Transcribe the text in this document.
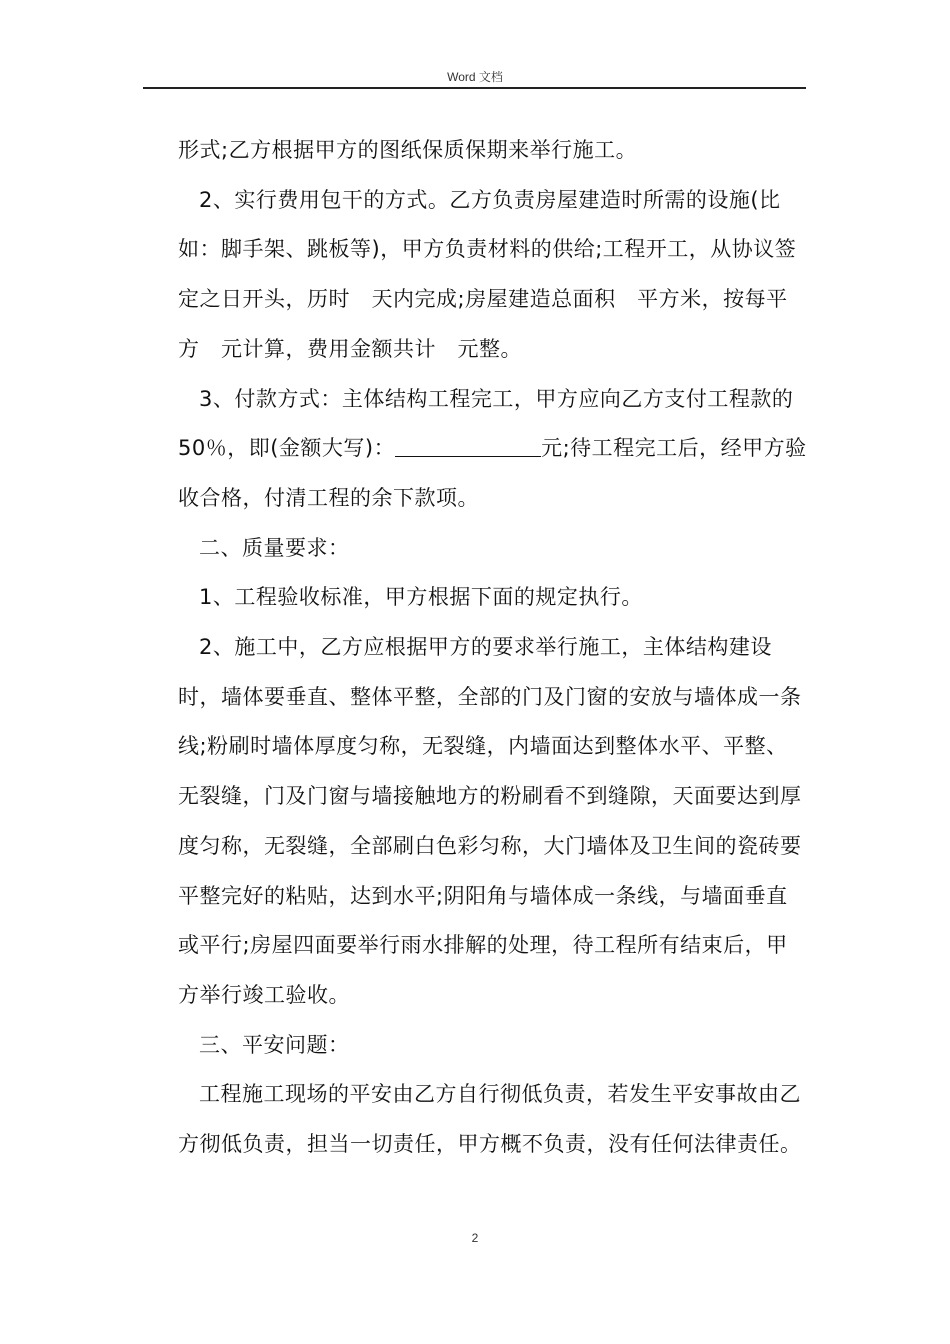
Word 文档

形式;乙方根据甲方的图纸保质保期来举行施工。

2、实行费用包干的方式。乙方负责房屋建造时所需的设施(比如：脚手架、跳板等)，甲方负责材料的供给;工程开工，从协议签定之日开头，历时　天内完成;房屋建造总面积　平方米，按每平方　元计算，费用金额共计　元整。

3、付款方式：主体结构工程完工，甲方应向乙方支付工程款的 50％，即(金额大写)：	元;待工程完工后，经甲方验收合格，付清工程的余下款项。

二、质量要求：

1、工程验收标准，甲方根据下面的规定执行。

2、施工中，乙方应根据甲方的要求举行施工，主体结构建设时，墙体要垂直、整体平整，全部的门及门窗的安放与墙体成一条线;粉刷时墙体厚度匀称，无裂缝，内墙面达到整体水平、平整、无裂缝，门及门窗与墙接触地方的粉刷看不到缝隙，天面要达到厚度匀称，无裂缝，全部刷白色彩匀称，大门墙体及卫生间的瓷砖要平整完好的粘贴，达到水平;阴阳角与墙体成一条线，与墙面垂直或平行;房屋四面要举行雨水排解的处理，待工程所有结束后，甲方举行竣工验收。

三、平安问题：

工程施工现场的平安由乙方自行彻低负责，若发生平安事故由乙方彻低负责，担当一切责任，甲方概不负责，没有任何法律责任。

2
